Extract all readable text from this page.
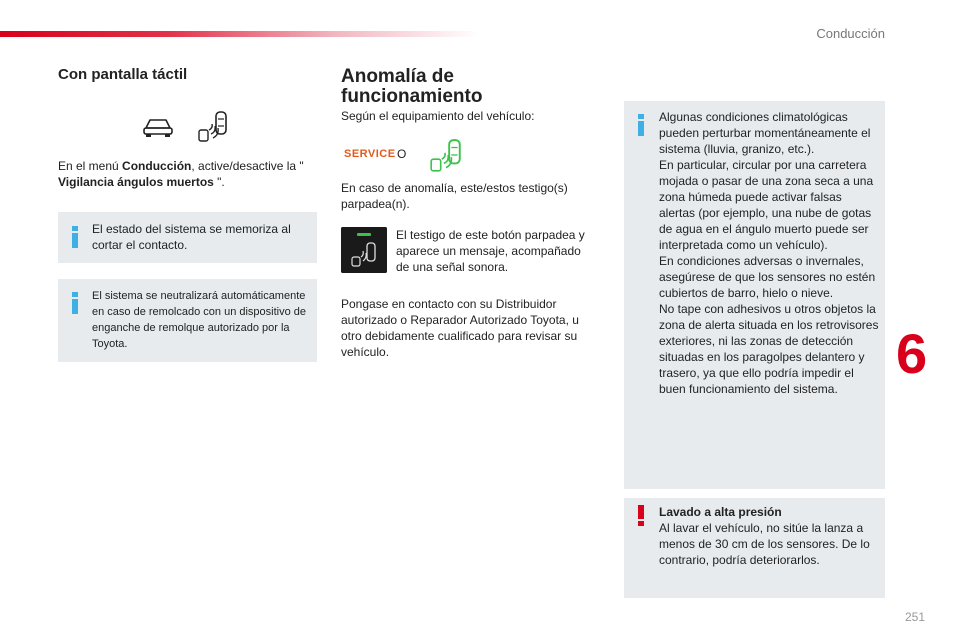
Conducción
6
251
Con pantalla táctil

En el menú Conducción, active/desactive la " Vigilancia ángulos muertos ".

El estado del sistema se memoriza al cortar el contacto.
El sistema se neutralizará automáticamente en caso de remolcado con un dispositivo de enganche de remolque autorizado por la Toyota.
Anomalía de funcionamiento

Según el equipamiento del vehículo:

SERVICE O

En caso de anomalía, este/estos testigo(s) parpadea(n).

El testigo de este botón parpadea y aparece un mensaje, acompañado de una señal sonora.

Pongase en contacto con su Distribuidor autorizado o Reparador Autorizado Toyota, u otro debidamente cualificado para revisar su vehículo.

Algunas condiciones climatológicas pueden perturbar momentáneamente el sistema (lluvia, granizo, etc.).
En particular, circular por una carretera mojada o pasar de una zona seca a una zona húmeda puede activar falsas alertas (por ejemplo, una nube de gotas de agua en el ángulo muerto puede ser interpretada como un vehículo).
En condiciones adversas o invernales, asegúrese de que los sensores no estén cubiertos de barro, hielo o nieve.
No tape con adhesivos u otros objetos la zona de alerta situada en los retrovisores exteriores, ni las zonas de detección situadas en los paragolpes delantero y trasero, ya que ello podría impedir el buen funcionamiento del sistema.
Lavado a alta presión
Al lavar el vehículo, no sitúe la lanza a menos de 30 cm de los sensores. De lo contrario, podría deteriorarlos.
